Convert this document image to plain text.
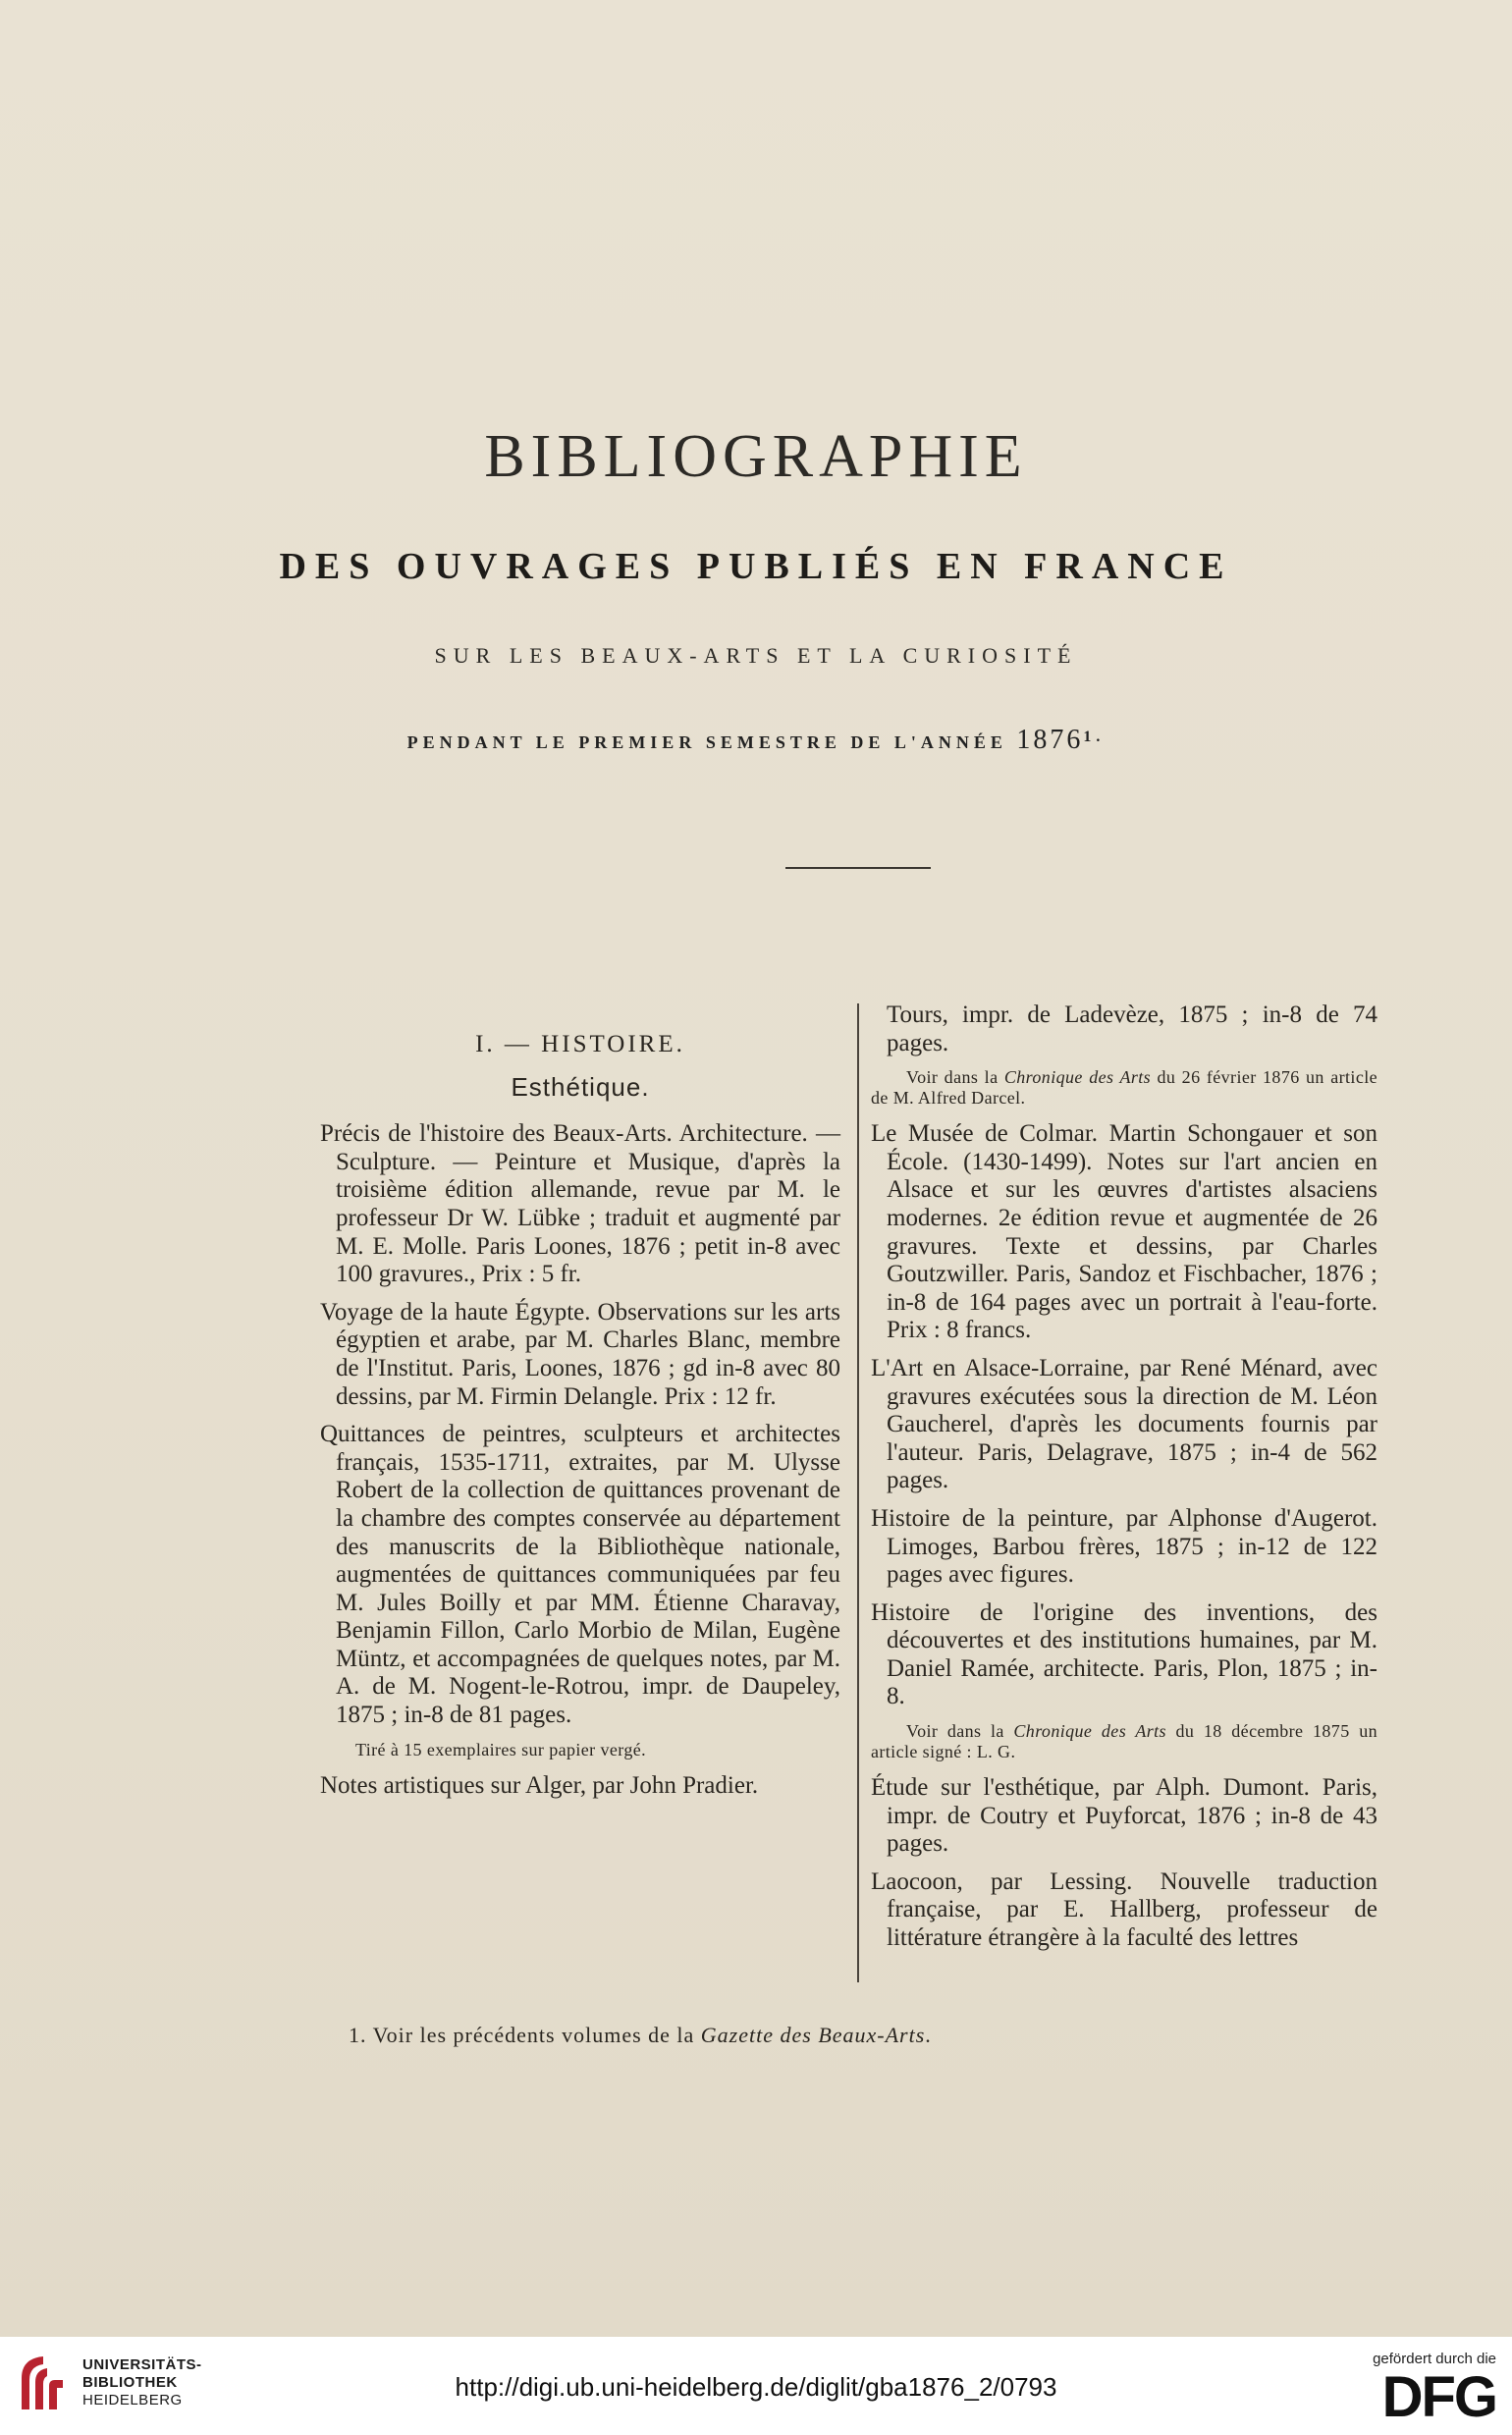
BIBLIOGRAPHIE
DES OUVRAGES PUBLIÉS EN FRANCE
SUR LES BEAUX-ARTS ET LA CURIOSITÉ
PENDANT LE PREMIER SEMESTRE DE L'ANNÉE $1876^{1.}$
I. — HISTOIRE.
Esthétique.

Précis de l'histoire des Beaux-Arts. Architecture. — Sculpture. — Peinture et Musique, d'après la troisième édition allemande, revue par M. le professeur Dr W. Lübke ; traduit et augmenté par M. E. Molle. Paris Loones, 1876 ; petit in-8 avec 100 gravures., Prix : 5 fr.

Voyage de la haute Égypte. Observations sur les arts égyptien et arabe, par M. Charles Blanc, membre de l'Institut. Paris, Loones, 1876 ; gd in-8 avec 80 dessins, par M. Firmin Delangle. Prix : 12 fr.

Quittances de peintres, sculpteurs et architectes français, 1535-1711, extraites, par M. Ulysse Robert de la collection de quittances provenant de la chambre des comptes conservée au département des manuscrits de la Bibliothèque nationale, augmentées de quittances communiquées par feu M. Jules Boilly et par MM. Étienne Charavay, Benjamin Fillon, Carlo Morbio de Milan, Eugène Müntz, et accompagnées de quelques notes, par M. A. de M. Nogent-le-Rotrou, impr. de Daupeley, 1875 ; in-8 de 81 pages.

Tiré à 15 exemplaires sur papier vergé.

Notes artistiques sur Alger, par John Pradier.

Tours, impr. de Ladevèze, 1875 ; in-8 de 74 pages.

Voir dans la Chronique des Arts du 26 février 1876 un article de M. Alfred Darcel.

Le Musée de Colmar. Martin Schongauer et son École. (1430-1499). Notes sur l'art ancien en Alsace et sur les œuvres d'artistes alsaciens modernes. 2e édition revue et augmentée de 26 gravures. Texte et dessins, par Charles Goutzwiller. Paris, Sandoz et Fischbacher, 1876 ; in-8 de 164 pages avec un portrait à l'eau-forte. Prix : 8 francs.

L'Art en Alsace-Lorraine, par René Ménard, avec gravures exécutées sous la direction de M. Léon Gaucherel, d'après les documents fournis par l'auteur. Paris, Delagrave, 1875 ; in-4 de 562 pages.

Histoire de la peinture, par Alphonse d'Augerot. Limoges, Barbou frères, 1875 ; in-12 de 122 pages avec figures.

Histoire de l'origine des inventions, des découvertes et des institutions humaines, par M. Daniel Ramée, architecte. Paris, Plon, 1875 ; in-8.

Voir dans la Chronique des Arts du 18 décembre 1875 un article signé : L. G.

Étude sur l'esthétique, par Alph. Dumont. Paris, impr. de Coutry et Puyforcat, 1876 ; in-8 de 43 pages.

Laocoon, par Lessing. Nouvelle traduction française, par E. Hallberg, professeur de littérature étrangère à la faculté des lettres

1. Voir les précédents volumes de la Gazette des Beaux-Arts.
UNIVERSITÄTS-
BIBLIOTHEK
HEIDELBERG	http://digi.ub.uni-heidelberg.de/diglit/gba1876_2/0793
gefördert durch die
DFG
